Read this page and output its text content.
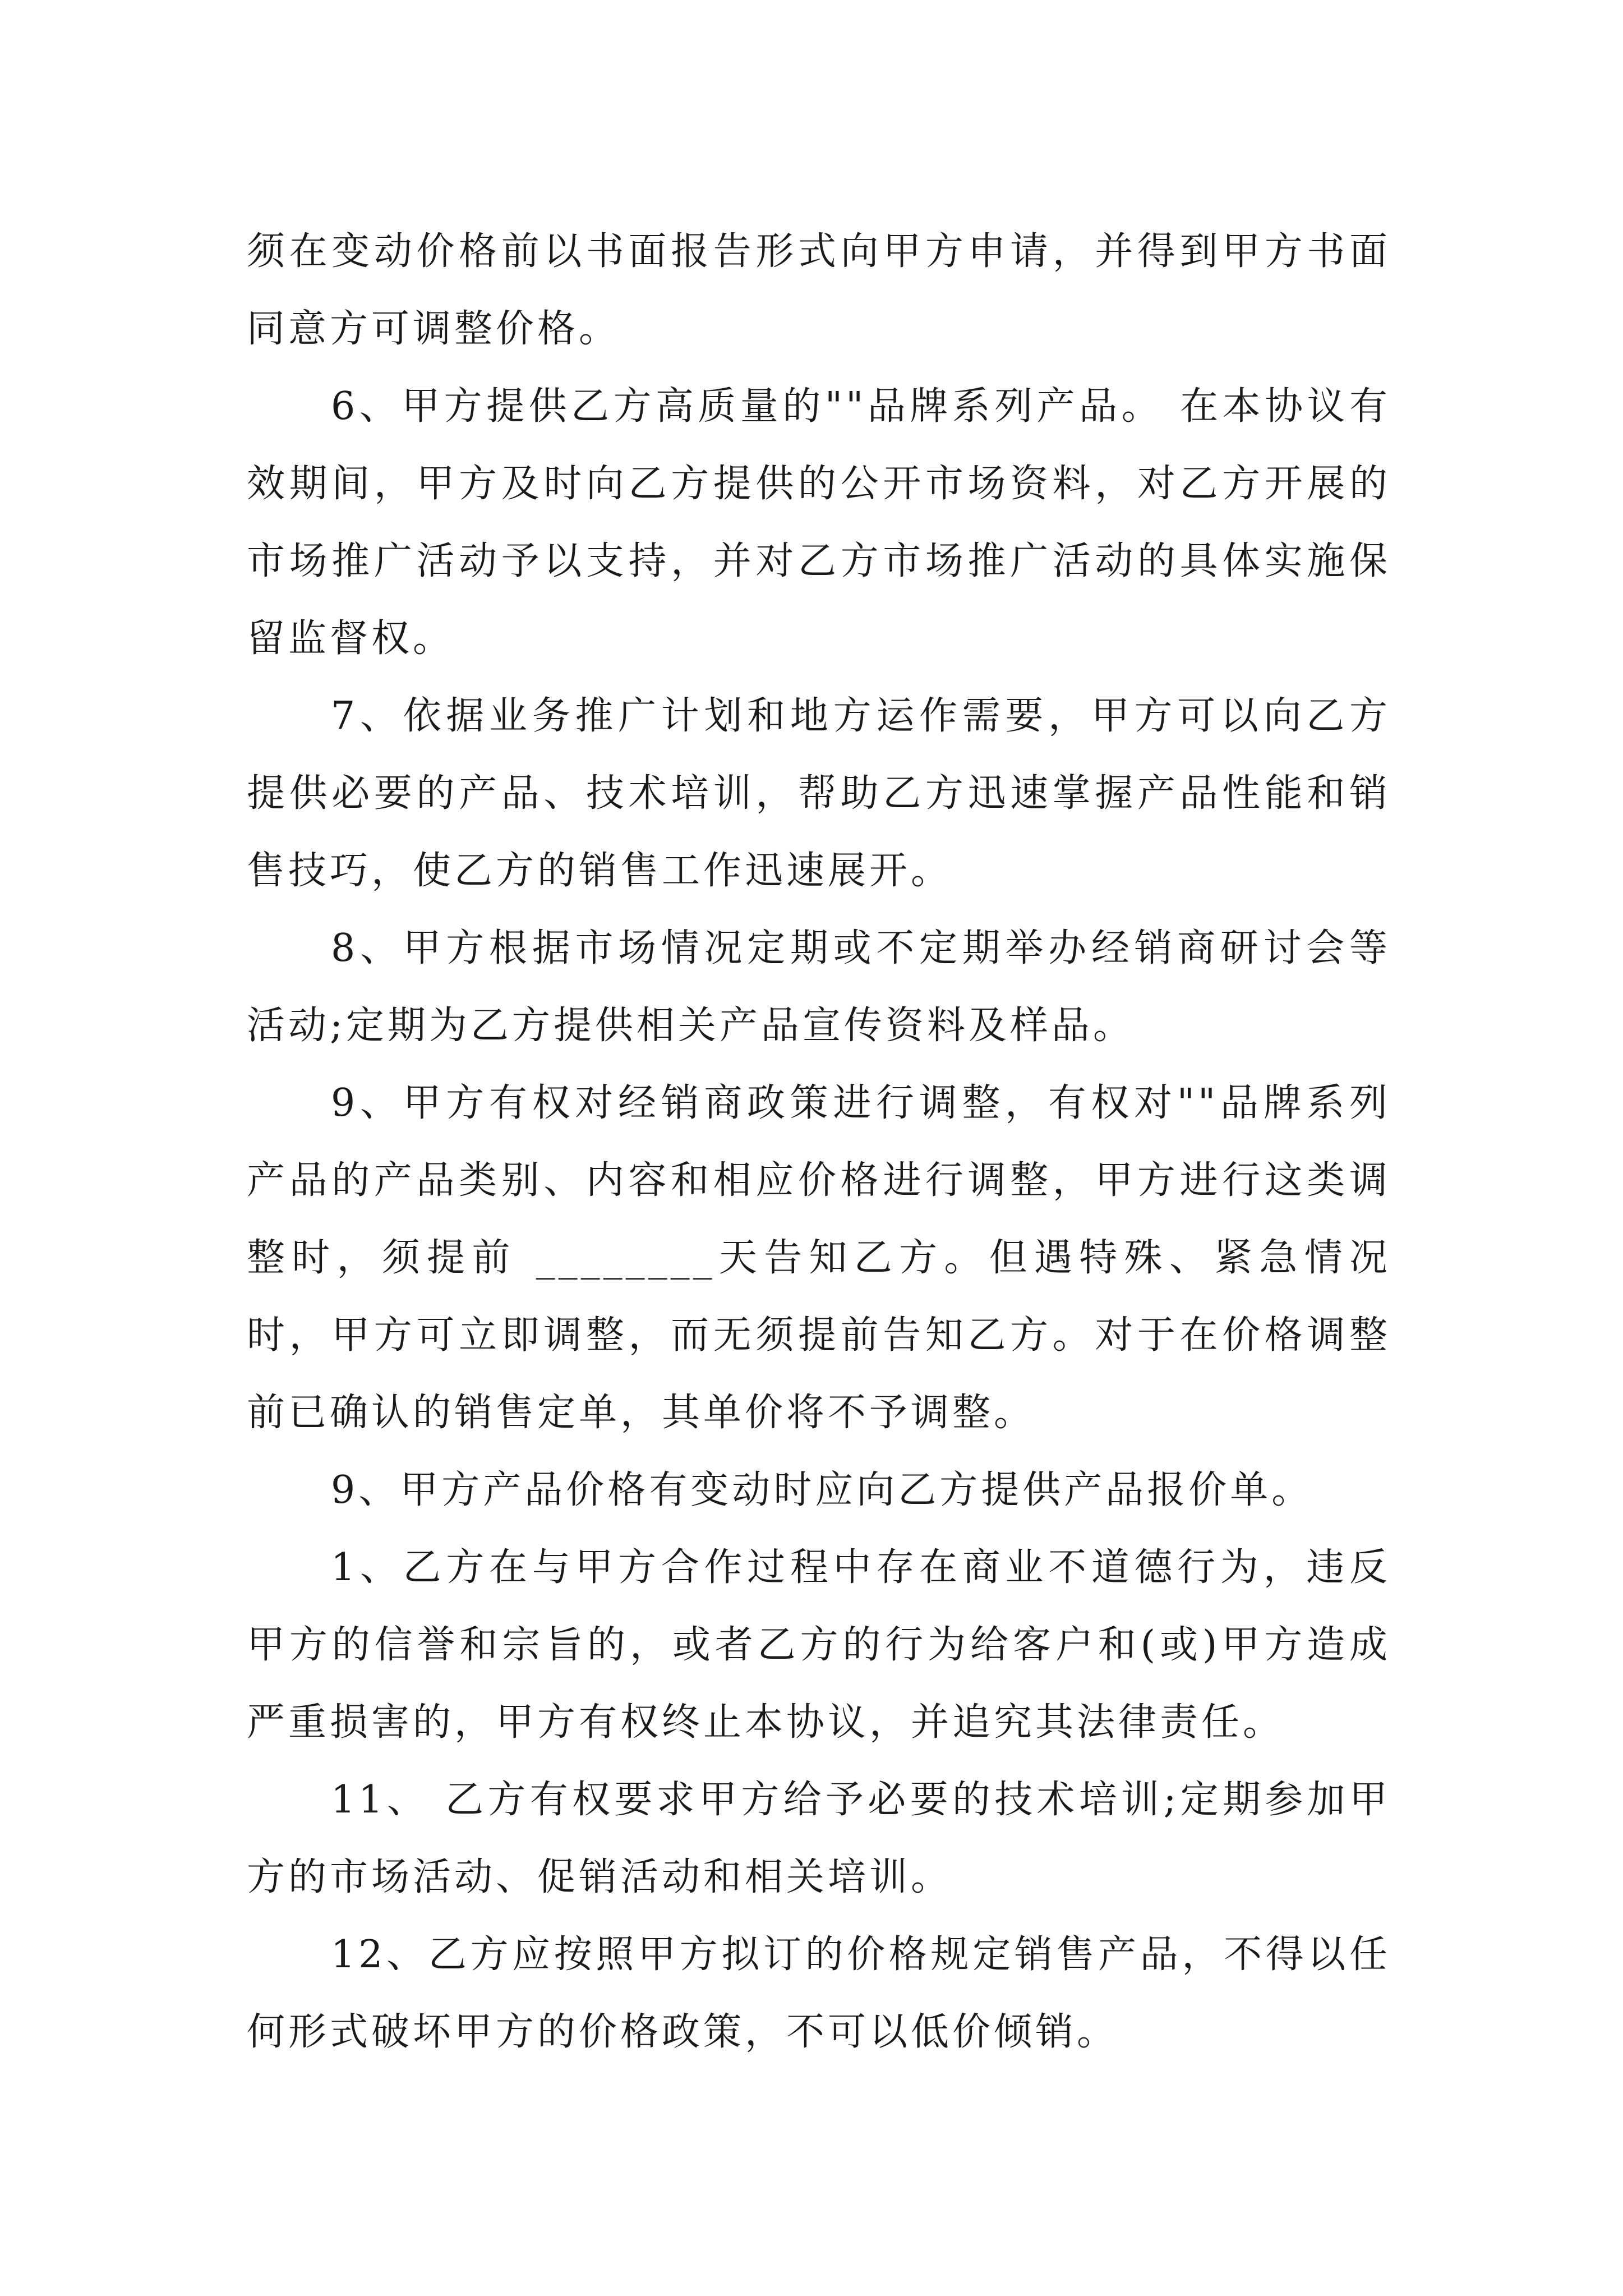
须在变动价格前以书面报告形式向甲方申请，并得到甲方书面同意方可调整价格。

6、甲方提供乙方高质量的""品牌系列产品。 在本协议有效期间，甲方及时向乙方提供的公开市场资料，对乙方开展的市场推广活动予以支持，并对乙方市场推广活动的具体实施保留监督权。

7、依据业务推广计划和地方运作需要，甲方可以向乙方提供必要的产品、技术培训，帮助乙方迅速掌握产品性能和销售技巧，使乙方的销售工作迅速展开。

8、甲方根据市场情况定期或不定期举办经销商研讨会等活动;定期为乙方提供相关产品宣传资料及样品。

9、甲方有权对经销商政策进行调整，有权对""品牌系列产品的产品类别、内容和相应价格进行调整，甲方进行这类调整时，须提前 ________天告知乙方。但遇特殊、紧急情况时，甲方可立即调整，而无须提前告知乙方。对于在价格调整前已确认的销售定单，其单价将不予调整。

9、甲方产品价格有变动时应向乙方提供产品报价单。

1、乙方在与甲方合作过程中存在商业不道德行为，违反甲方的信誉和宗旨的，或者乙方的行为给客户和(或)甲方造成严重损害的，甲方有权终止本协议，并追究其法律责任。

11、 乙方有权要求甲方给予必要的技术培训;定期参加甲方的市场活动、促销活动和相关培训。

12、乙方应按照甲方拟订的价格规定销售产品，不得以任何形式破坏甲方的价格政策，不可以低价倾销。
